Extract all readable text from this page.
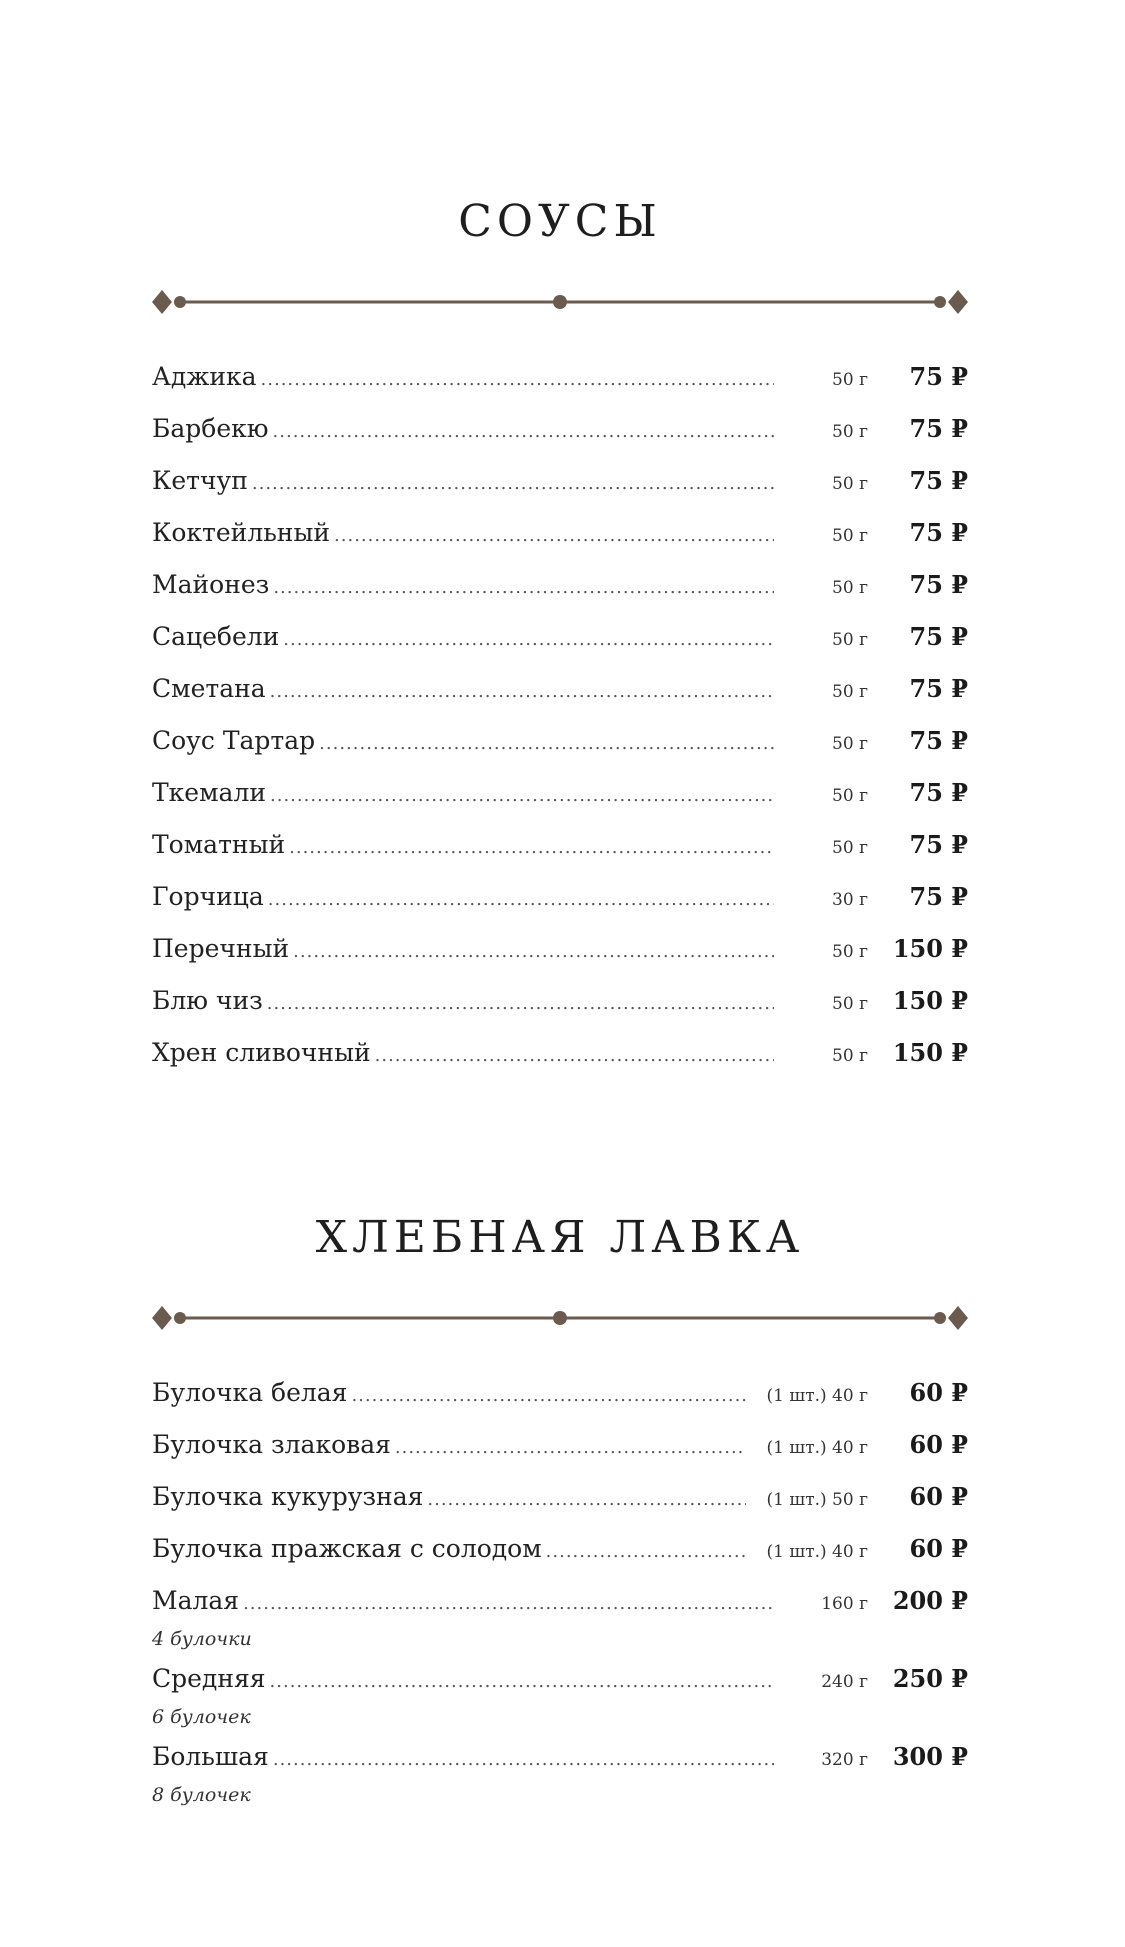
СОУСЫ
Аджика .....	50 г	75 ₽
Барбекю .....	50 г	75 ₽
Кетчуп .....	50 г	75 ₽
Коктейльный .....	50 г	75 ₽
Майонез .....	50 г	75 ₽
Сацебели .....	50 г	75 ₽
Сметана .....	50 г	75 ₽
Соус Тартар .....	50 г	75 ₽
Ткемали .....	50 г	75 ₽
Томатный .....	50 г	75 ₽
Горчица .....	30 г	75 ₽
Перечный .....	50 г	150 ₽
Блю чиз .....	50 г	150 ₽
Хрен сливочный .....	50 г	150 ₽
ХЛЕБНАЯ ЛАВКА
Булочка белая .....	(1 шт.) 40 г	60 ₽
Булочка злаковая .....	(1 шт.) 40 г	60 ₽
Булочка кукурузная .....	(1 шт.) 50 г	60 ₽
Булочка пражская с солодом .....	(1 шт.) 40 г	60 ₽
Малая .....	160 г	200 ₽
4 булочки
Средняя .....	240 г	250 ₽
6 булочек
Большая .....	320 г	300 ₽
8 булочек
